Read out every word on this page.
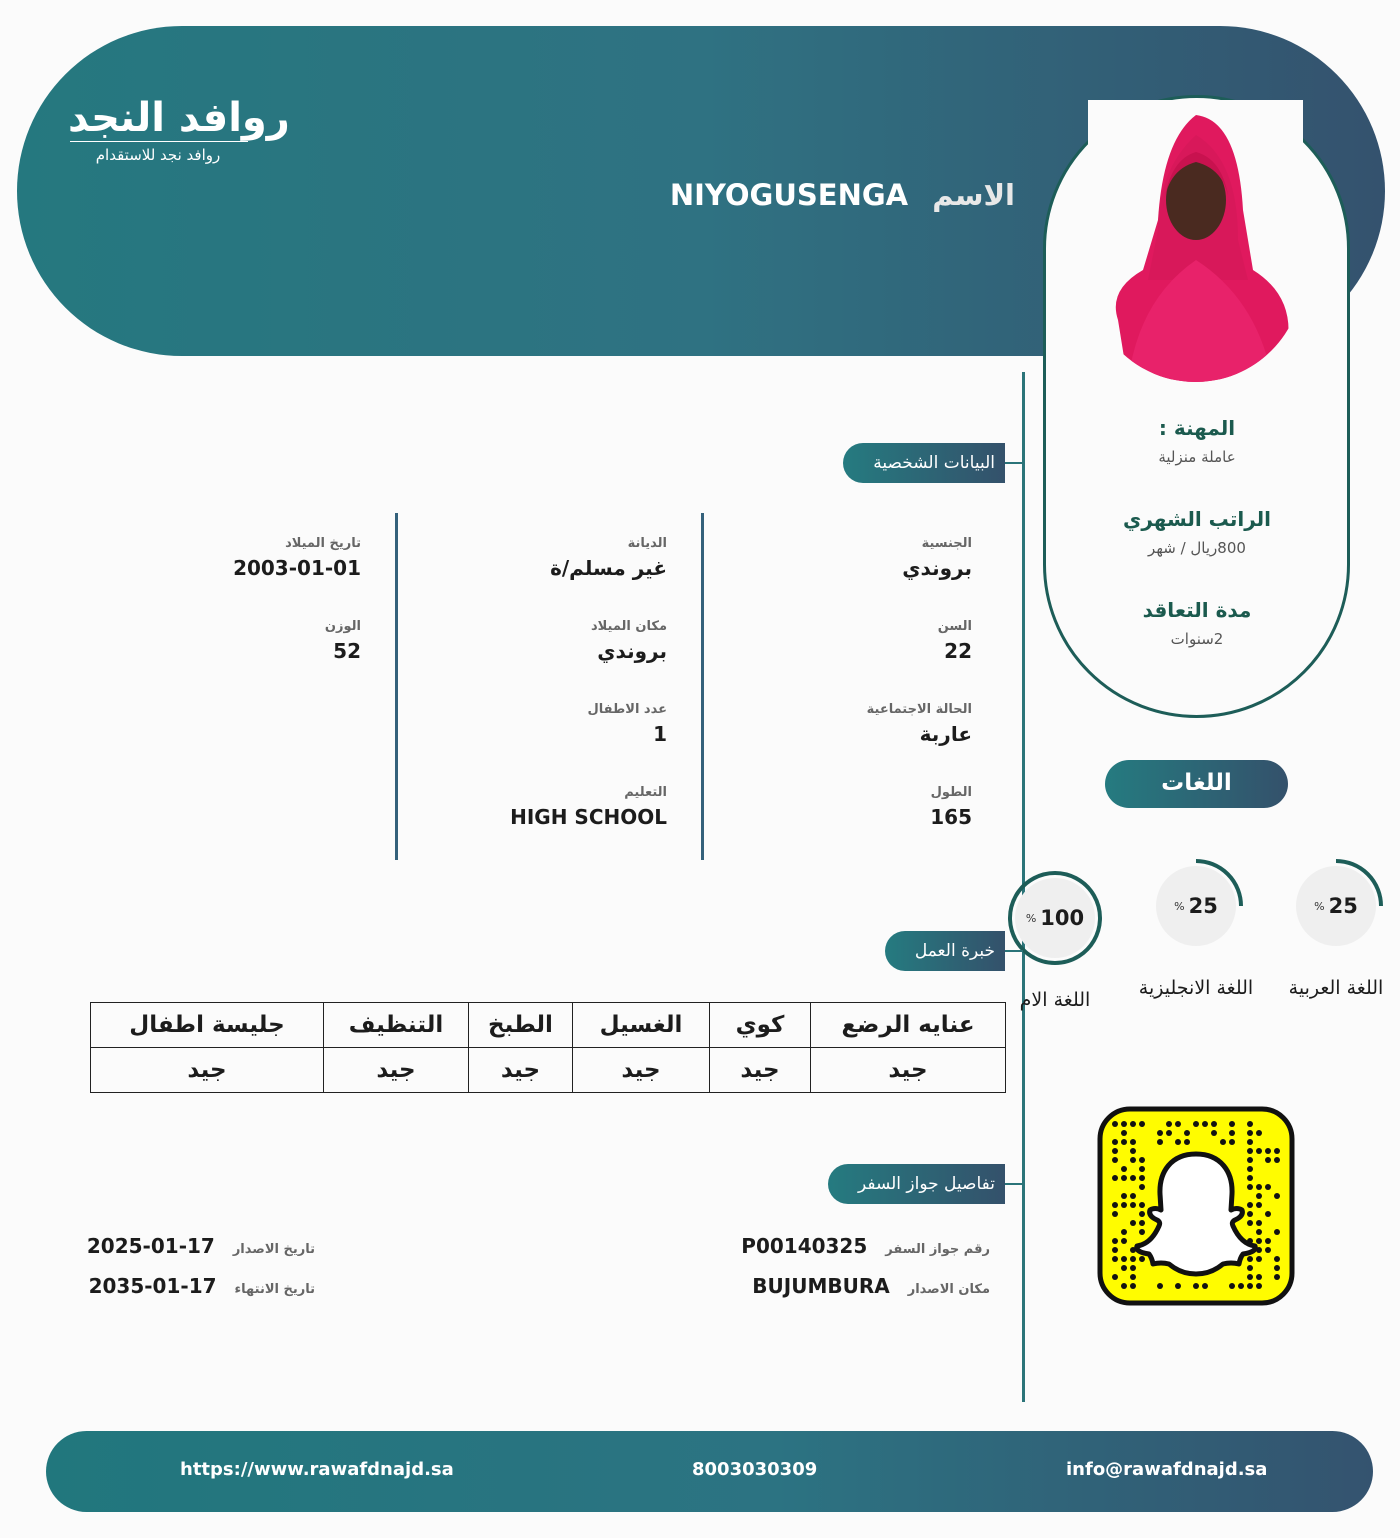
روافد النجد
روافد نجد للاستقدام
الاسم NIYOGUSENGA
المهنة :
عاملة منزلية
الراتب الشهري
800ريال / شهر
مدة التعاقد
2سنوات
البيانات الشخصية
الجنسية
بروندي
السن
22
الحالة الاجتماعية
عاربة
الطول
165
الديانة
غير مسلم/ة
مكان الميلاد
بروندي
عدد الاطفال
1
التعليم
HIGH SCHOOL
تاريخ الميلاد
2003-01-01
الوزن
52
اللغات
% 100
اللغة الام
% 25
اللغة الانجليزية
% 25
اللغة العربية
خبرة العمل
عنايه الرضع	كوي	الغسيل	الطبخ	التنظيف	جليسة اطفال
جيد	جيد	جيد	جيد	جيد	جيد
تفاصيل جواز السفر
رقم جواز السفر
P00140325
مكان الاصدار
BUJUMBURA
تاريخ الاصدار
2025-01-17
تاريخ الانتهاء
2035-01-17
https://www.rawafdnajd.sa	8003030309	info@rawafdnajd.sa
